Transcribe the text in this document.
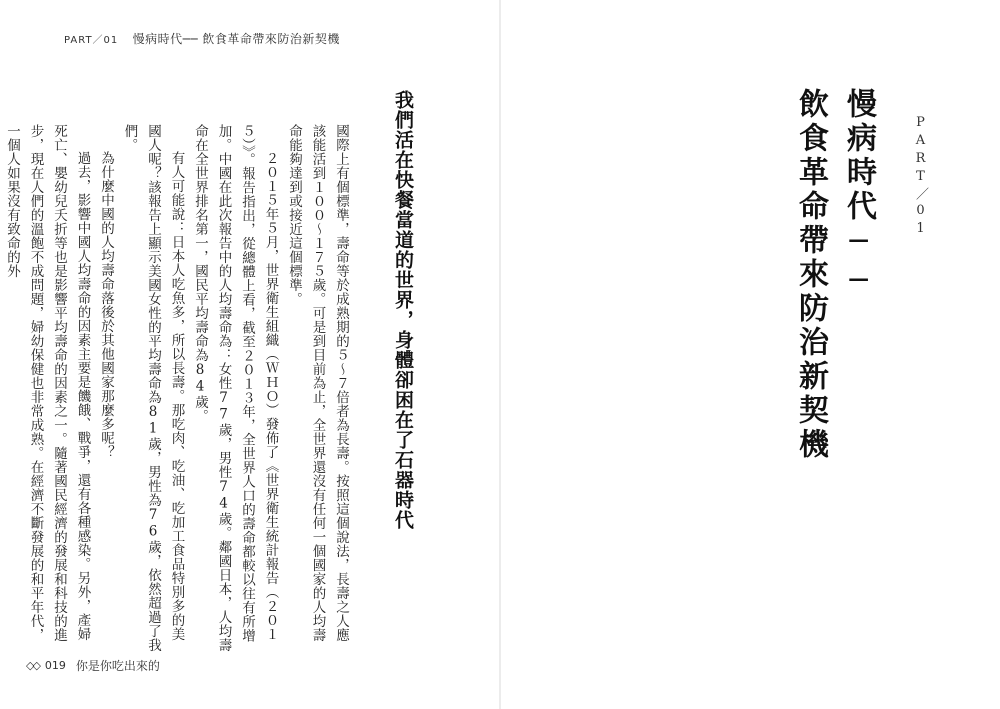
PART／01 慢病時代── 飲食革命帶來防治新契機

國際上有個標準，壽命等於成熟期的５～７倍者為長壽。按照這個說法，長壽之人應該能活到１００～１７５歲。可是到目前為止，全世界還沒有任何一個國家的人均壽命能夠達到或接近這個標準。

２０１５年５月，世界衛生組織（ＷＨＯ）發佈了《世界衛生統計報告（２０１５）》。報告指出，從總體上看，截至２０１３年，全世界人口的壽命都較以往有所增加。中國在此次報告中的人均壽命為：女性77歲，男性74歲。鄰國日本，人均壽命在全世界排名第一，國民平均壽命為84歲。

有人可能說：日本人吃魚多，所以長壽。那吃肉、吃油、吃加工食品特別多的美國人呢？該報告上顯示美國女性的平均壽命為81歲，男性為76歲，依然超過了我們。

為什麼中國的人均壽命落後於其他國家那麼多呢？

過去，影響中國人均壽命的因素主要是饑餓、戰爭，還有各種感染。另外，產婦死亡、嬰幼兒夭折等也是影響平均壽命的因素之一。隨著國民經濟的發展和科技的進步，現在人們的溫飽不成問題，婦幼保健也非常成熟。在經濟不斷發展的和平年代，一個人如果沒有致命的外	我們活在快餐當道的世界，身體卻困在了石器時代	慢病時代──
飲食革命帶來防治新契機	PART／01
◇◇ 019 你是你吃出來的
